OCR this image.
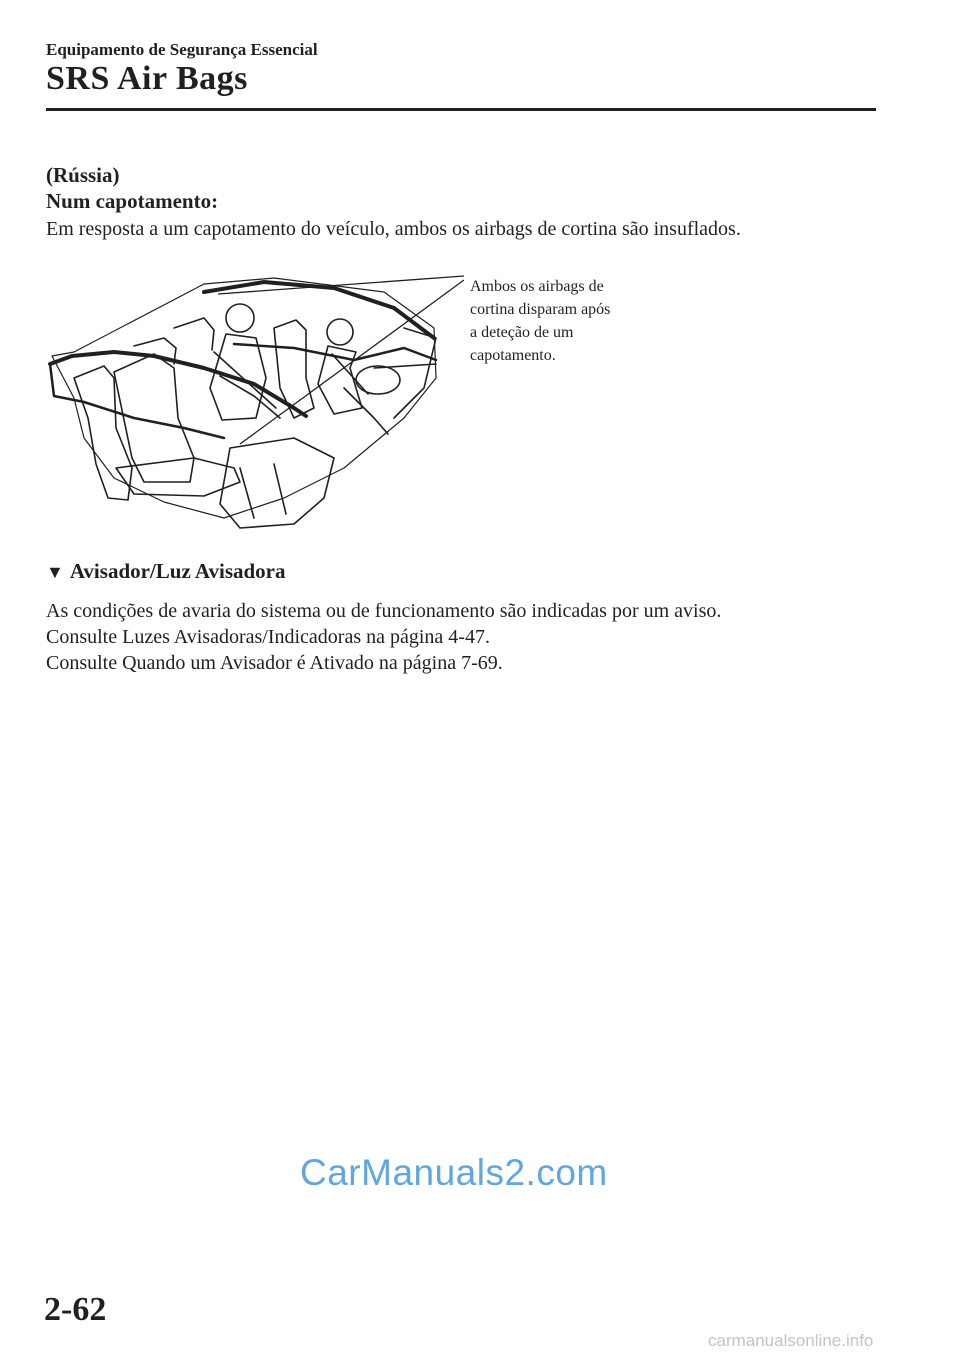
Equipamento de Segurança Essencial
SRS Air Bags
(Rússia)
Num capotamento:
Em resposta a um capotamento do veículo, ambos os airbags de cortina são insuflados.
Ambos os airbags de
cortina disparam após
a deteção de um
capotamento.
▼ Avisador/Luz Avisadora
As condições de avaria do sistema ou de funcionamento são indicadas por um aviso.
Consulte Luzes Avisadoras/Indicadoras na página 4-47.
Consulte Quando um Avisador é Ativado na página 7-69.
CarManuals2.com
2-62
carmanualsonline.info
